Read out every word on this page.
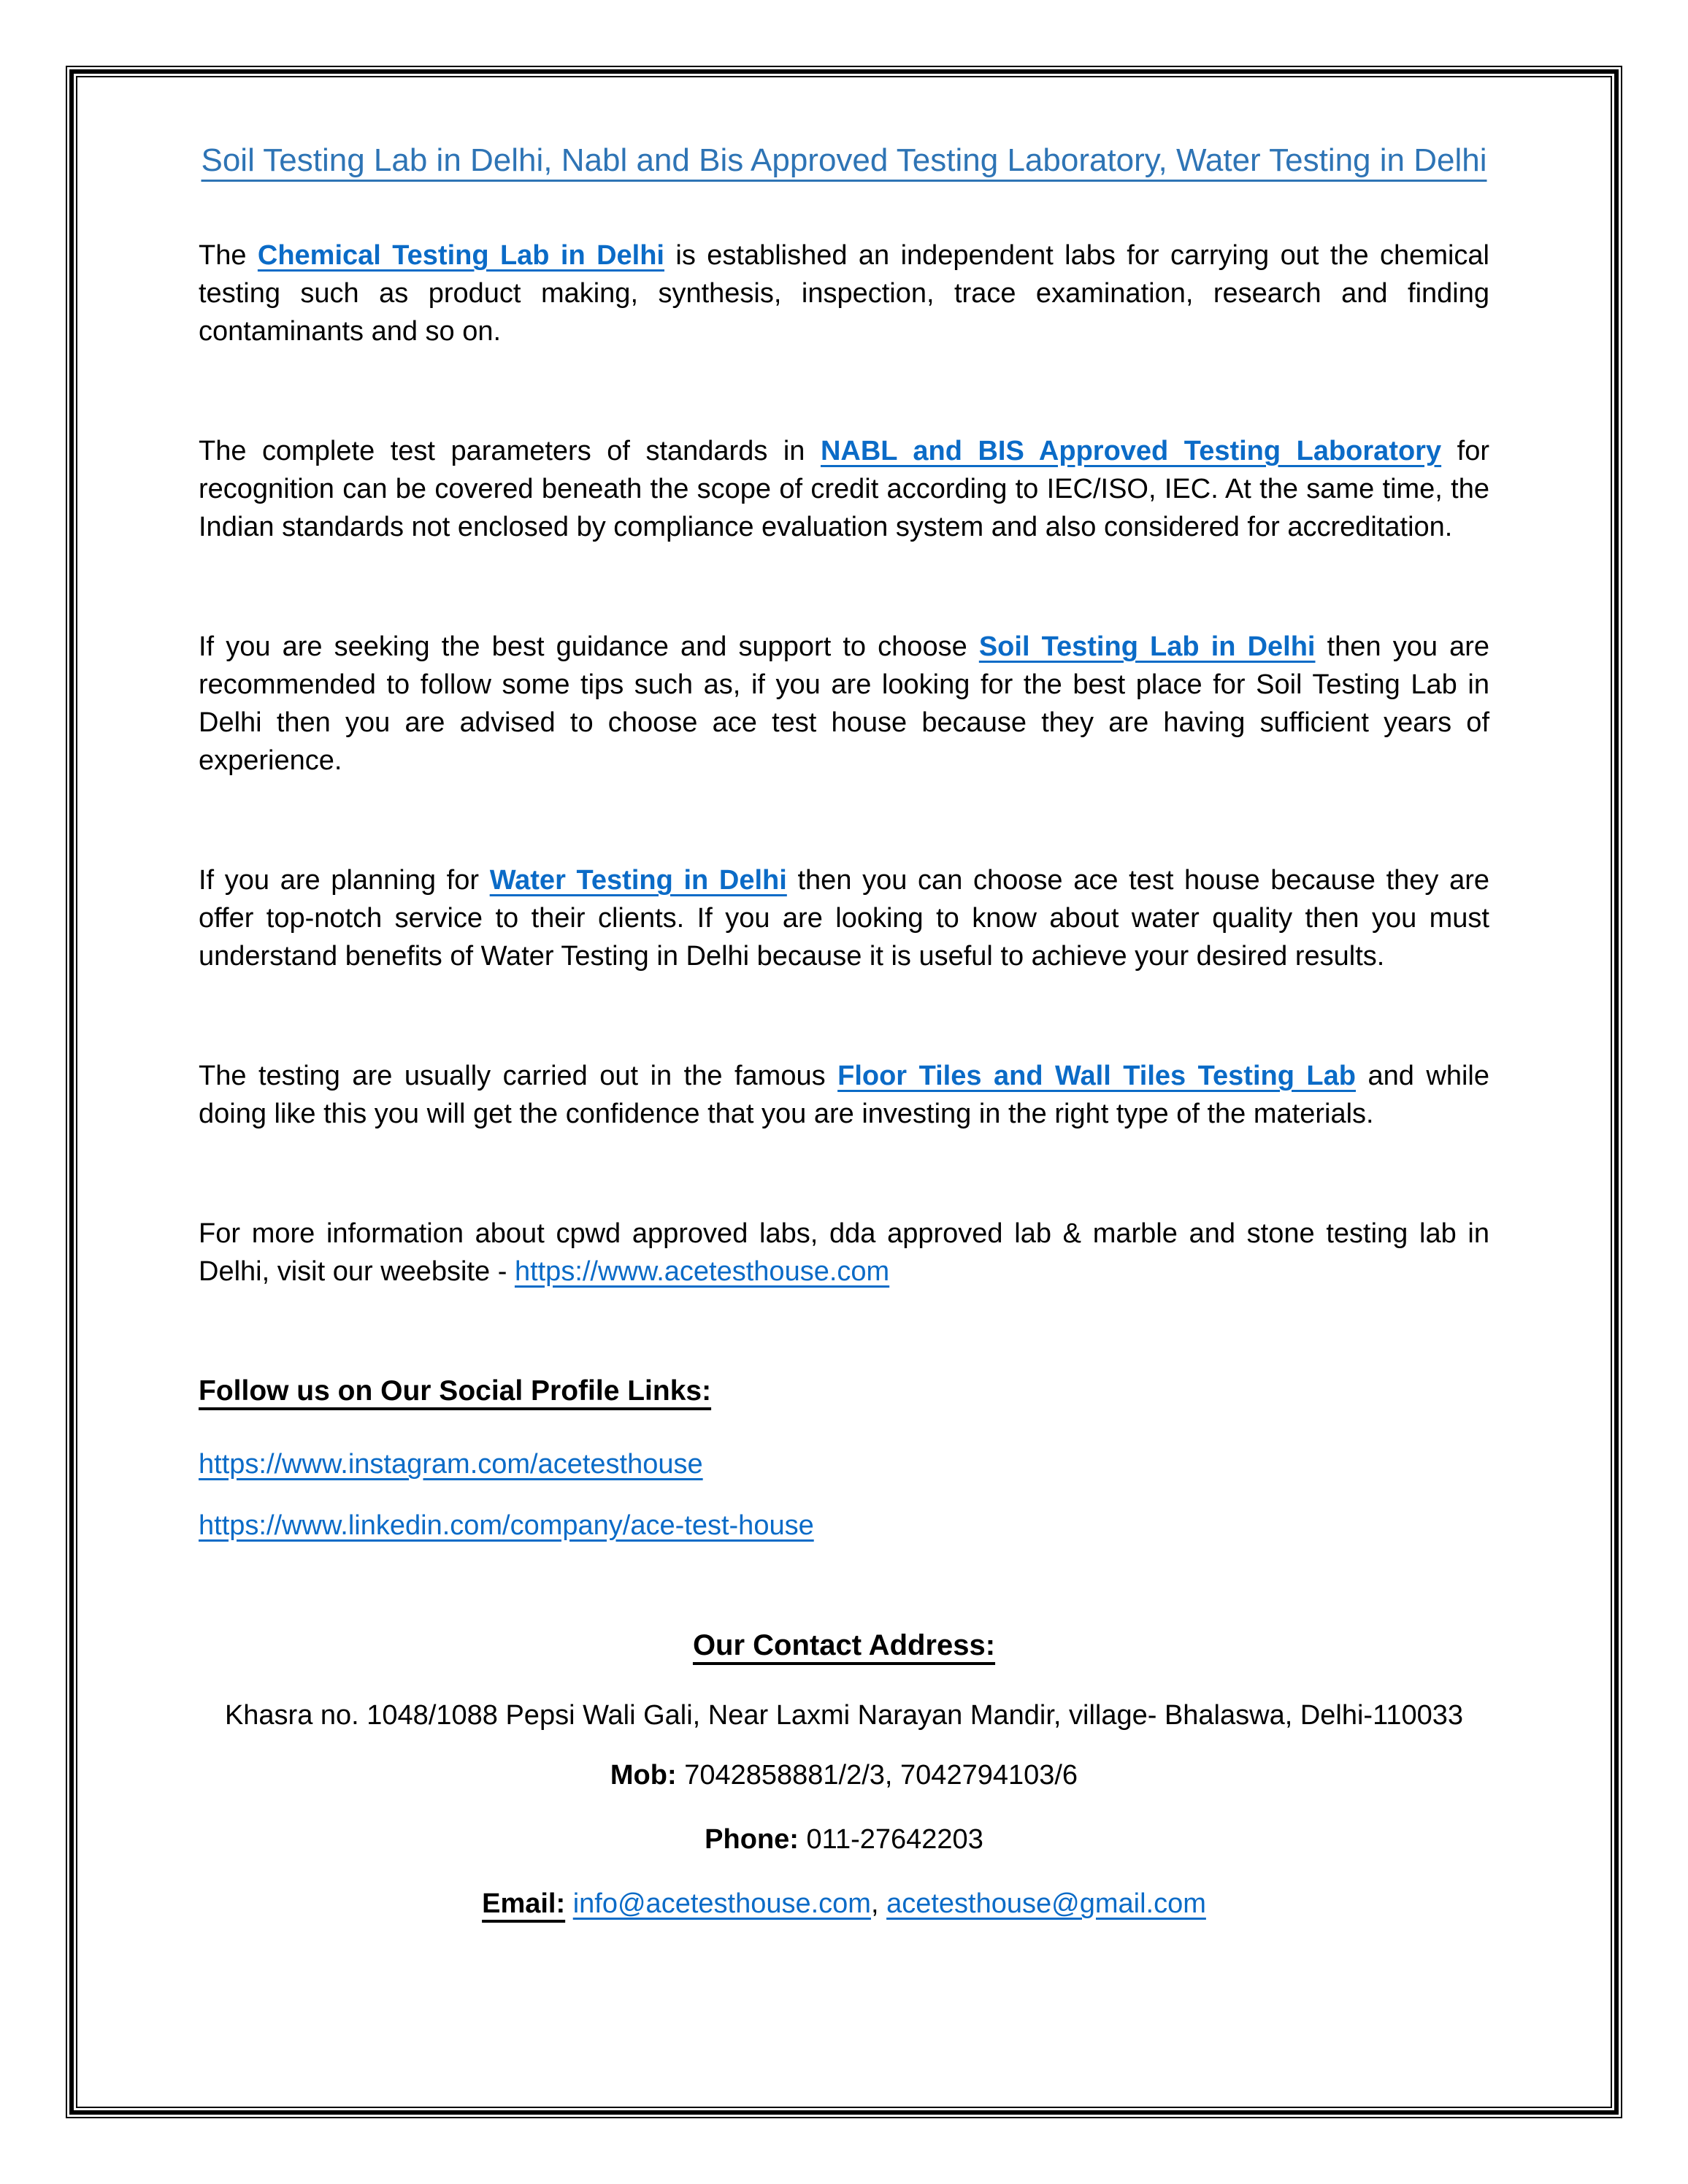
Soil Testing Lab in Delhi, Nabl and Bis Approved Testing Laboratory, Water Testing in Delhi

The Chemical Testing Lab in Delhi is established an independent labs for carrying out the chemical testing such as product making, synthesis, inspection, trace examination, research and finding contaminants and so on.

The complete test parameters of standards in NABL and BIS Approved Testing Laboratory for recognition can be covered beneath the scope of credit according to IEC/ISO, IEC. At the same time, the Indian standards not enclosed by compliance evaluation system and also considered for accreditation.

If you are seeking the best guidance and support to choose Soil Testing Lab in Delhi then you are recommended to follow some tips such as, if you are looking for the best place for Soil Testing Lab in Delhi then you are advised to choose ace test house because they are having sufficient years of experience.

If you are planning for Water Testing in Delhi then you can choose ace test house because they are offer top-notch service to their clients. If you are looking to know about water quality then you must understand benefits of Water Testing in Delhi because it is useful to achieve your desired results.

The testing are usually carried out in the famous Floor Tiles and Wall Tiles Testing Lab and while doing like this you will get the confidence that you are investing in the right type of the materials.

For more information about cpwd approved labs, dda approved lab & marble and stone testing lab in Delhi, visit our weebsite - https://www.acetesthouse.com

Follow us on Our Social Profile Links:

https://www.instagram.com/acetesthouse

https://www.linkedin.com/company/ace-test-house

Our Contact Address:

Khasra no. 1048/1088 Pepsi Wali Gali, Near Laxmi Narayan Mandir, village- Bhalaswa, Delhi-110033

Mob: 7042858881/2/3, 7042794103/6

Phone: 011-27642203

Email: info@acetesthouse.com, acetesthouse@gmail.com
